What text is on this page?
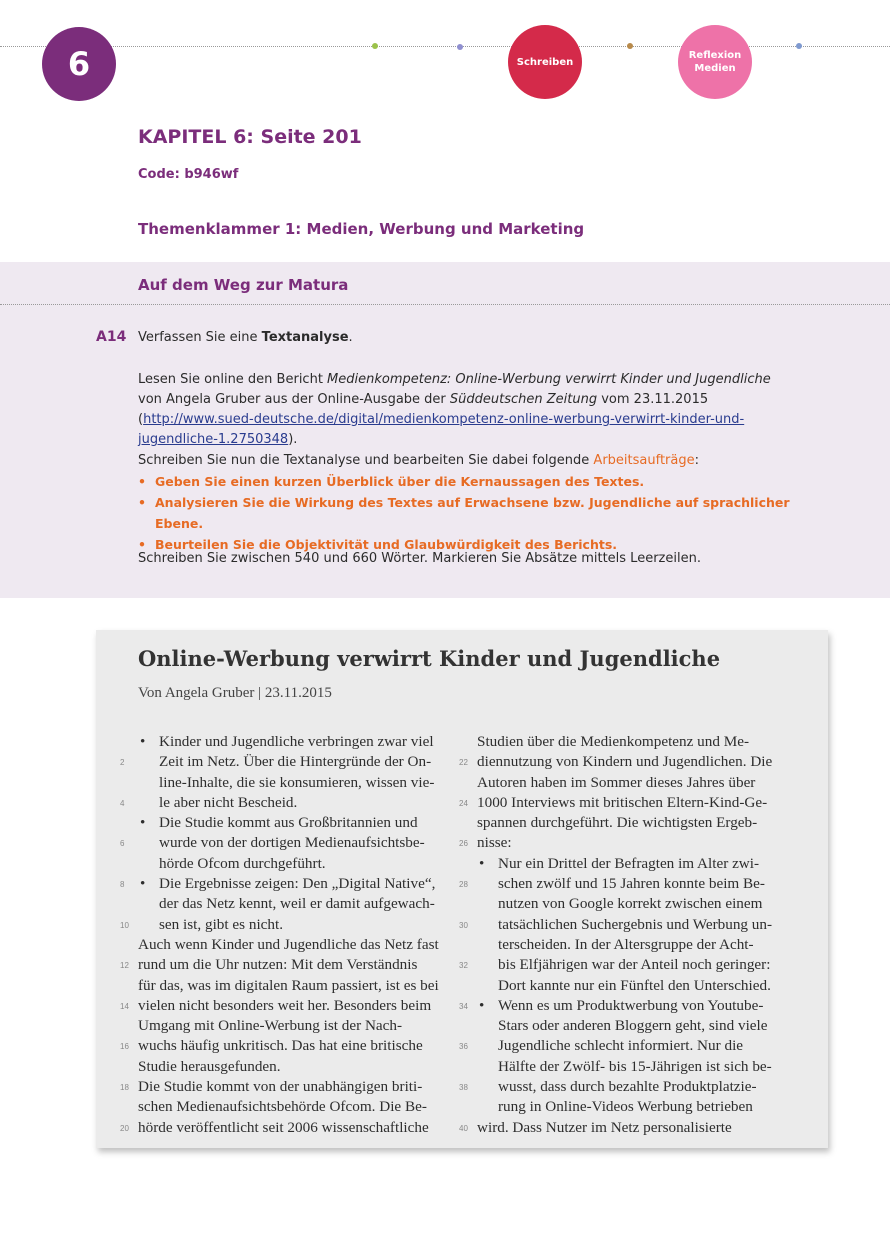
6	Schreiben
Reflexion
Medien
KAPITEL 6: Seite 201
Code: b946wf
Themenklammer 1: Medien, Werbung und Marketing
Auf dem Weg zur Matura
A14 Verfassen Sie eine Textanalyse.
Lesen Sie online den Bericht Medienkompetenz: Online-Werbung verwirrt Kinder und Jugendliche von Angela Gruber aus der Online-Ausgabe der Süddeutschen Zeitung vom 23.11.2015 (http://www.sued-deutsche.de/digital/medienkompetenz-online-werbung-verwirrt-kinder-und-jugendliche-1.2750348).
Schreiben Sie nun die Textanalyse und bearbeiten Sie dabei folgende Arbeitsaufträge:
• Geben Sie einen kurzen Überblick über die Kernaussagen des Textes.
• Analysieren Sie die Wirkung des Textes auf Erwachsene bzw. Jugendliche auf sprachlicher Ebene.
• Beurteilen Sie die Objektivität und Glaubwürdigkeit des Berichts.
Schreiben Sie zwischen 540 und 660 Wörter. Markieren Sie Absätze mittels Leerzeilen.
Online-Werbung verwirrt Kinder und Jugendliche
Von Angela Gruber | 23.11.2015
• Kinder und Jugendliche verbringen zwar viel
2 Zeit im Netz. Über die Hintergründe der On-
line-Inhalte, die sie konsumieren, wissen vie-
4 le aber nicht Bescheid.
• Die Studie kommt aus Großbritannien und
6 wurde von der dortigen Medienaufsichtsbe-
hörde Ofcom durchgeführt.
8 • Die Ergebnisse zeigen: Den „Digital Native“,
der das Netz kennt, weil er damit aufgewach-
10 sen ist, gibt es nicht.
Auch wenn Kinder und Jugendliche das Netz fast
12 rund um die Uhr nutzen: Mit dem Verständnis
für das, was im digitalen Raum passiert, ist es bei
14 vielen nicht besonders weit her. Besonders beim
Umgang mit Online-Werbung ist der Nach-
16 wuchs häufig unkritisch. Das hat eine britische
Studie herausgefunden.
18 Die Studie kommt von der unabhängigen briti-
schen Medienaufsichtsbehörde Ofcom. Die Be-
20 hörde veröffentlicht seit 2006 wissenschaftliche
Studien über die Medienkompetenz und Me-
22 diennutzung von Kindern und Jugendlichen. Die
Autoren haben im Sommer dieses Jahres über
24 1000 Interviews mit britischen Eltern-Kind-Ge-
spannen durchgeführt. Die wichtigsten Ergeb-
26 nisse:
• Nur ein Drittel der Befragten im Alter zwi-
28 schen zwölf und 15 Jahren konnte beim Be-
nutzen von Google korrekt zwischen einem
30 tatsächlichen Suchergebnis und Werbung un-
terscheiden. In der Altersgruppe der Acht-
32 bis Elfjährigen war der Anteil noch geringer:
Dort kannte nur ein Fünftel den Unterschied.
34 • Wenn es um Produktwerbung von Youtube-
Stars oder anderen Bloggern geht, sind viele
36 Jugendliche schlecht informiert. Nur die
Hälfte der Zwölf- bis 15-Jährigen ist sich be-
38 wusst, dass durch bezahlte Produktplatzie-
rung in Online-Videos Werbung betrieben
40 wird. Dass Nutzer im Netz personalisierte
